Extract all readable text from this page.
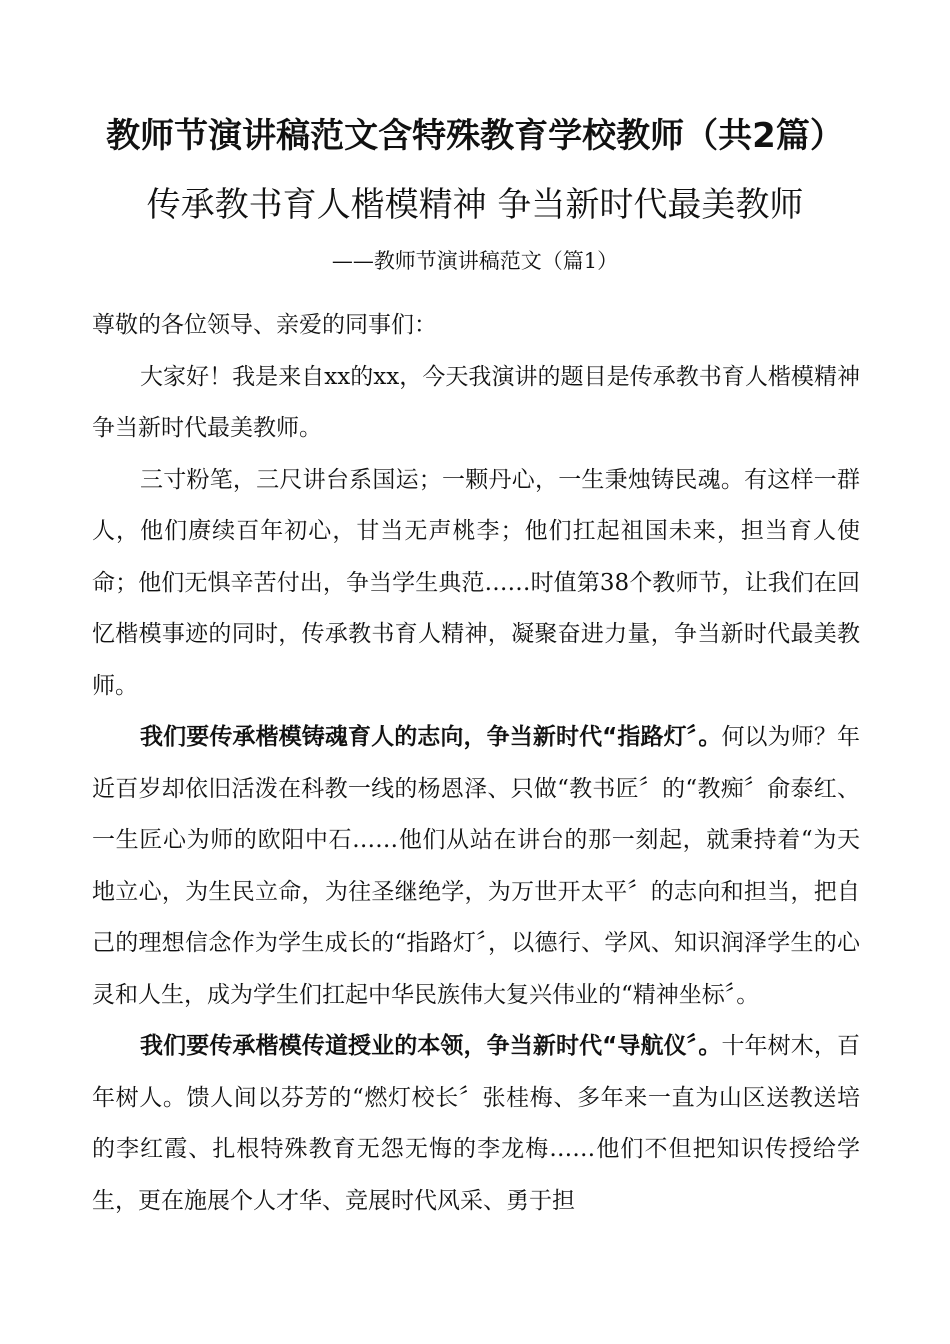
教师节演讲稿范文含特殊教育学校教师（共2篇）
传承教书育人楷模精神 争当新时代最美教师
——教师节演讲稿范文（篇1）

尊敬的各位领导、亲爱的同事们：

大家好！我是来自xx的xx，今天我演讲的题目是传承教书育人楷模精神争当新时代最美教师。

三寸粉笔，三尺讲台系国运；一颗丹心，一生秉烛铸民魂。有这样一群人，他们赓续百年初心，甘当无声桃李；他们扛起祖国未来，担当育人使命；他们无惧辛苦付出，争当学生典范……时值第38个教师节，让我们在回忆楷模事迹的同时，传承教书育人精神，凝聚奋进力量，争当新时代最美教师。

我们要传承楷模铸魂育人的志向，争当新时代“指路灯〞。何以为师？年近百岁却依旧活泼在科教一线的杨恩泽、只做“教书匠〞的“教痴〞俞泰红、一生匠心为师的欧阳中石……他们从站在讲台的那一刻起，就秉持着“为天地立心，为生民立命，为往圣继绝学，为万世开太平〞的志向和担当，把自己的理想信念作为学生成长的“指路灯〞，以德行、学风、知识润泽学生的心灵和人生，成为学生们扛起中华民族伟大复兴伟业的“精神坐标〞。

我们要传承楷模传道授业的本领，争当新时代“导航仪〞。十年树木，百年树人。馈人间以芬芳的“燃灯校长〞张桂梅、多年来一直为山区送教送培的李红霞、扎根特殊教育无怨无悔的李龙梅……他们不但把知识传授给学生，更在施展个人才华、竞展时代风采、勇于担
